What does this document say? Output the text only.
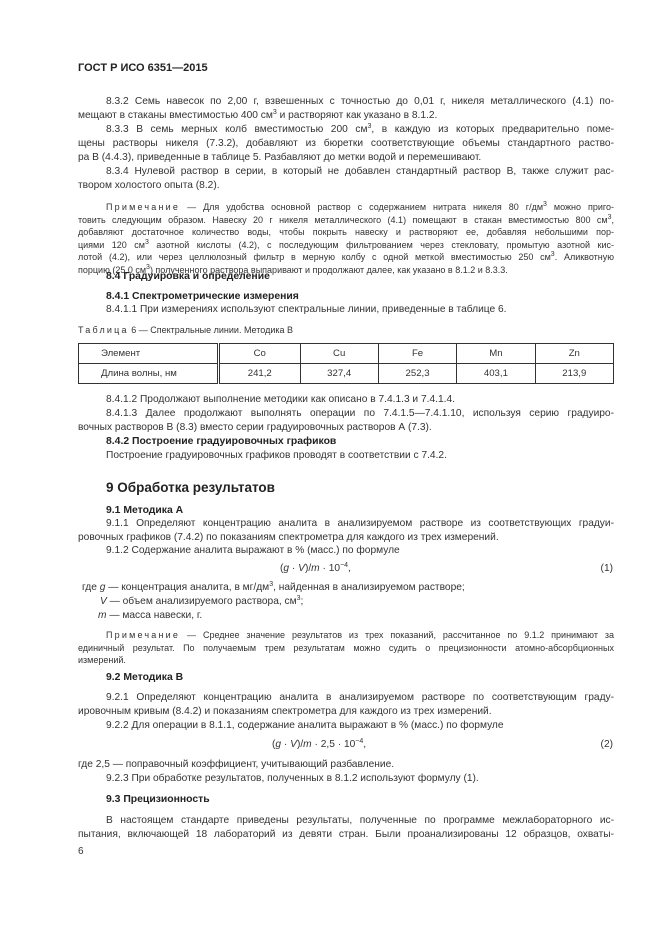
ГОСТ Р ИСО 6351—2015

8.3.2 Семь навесок по 2,00 г, взвешенных с точностью до 0,01 г, никеля металлического (4.1) по-

мещают в стаканы вместимостью 400 $см^3$ и растворяют как указано в 8.1.2.

8.3.3 В семь мерных колб вместимостью 200 $см^3$, в каждую из которых предварительно поме-

щены растворы никеля (7.3.2), добавляют из бюретки соответствующие объемы стандартного раство-

ра В (4.4.3), приведенные в таблице 5. Разбавляют до метки водой и перемешивают.

8.3.4 Нулевой раствор в серии, в который не добавлен стандартный раствор В, также служит рас-

твором холостого опыта (8.2).

Примечание — Для удобства основной раствор с содержанием нитрата никеля 80 $г/дм^3$ можно приго-

товить следующим образом. Навеску 20 г никеля металлического (4.1) помещают в стакан вместимостью 800 $см^3$,

добавляют достаточное количество воды, чтобы покрыть навеску и растворяют ее, добавляя небольшими пор-

циями 120 $см^3$ азотной кислоты (4.2), с последующим фильтрованием через стекловату, промытую азотной кис-

лотой (4.2), или через целлюлозный фильтр в мерную колбу с одной меткой вместимостью 250 $см^3$. Аликвотную

порцию (25,0 $см^3$) полученного раствора выпаривают и продолжают далее, как указано в 8.1.2 и 8.3.3.

8.4 Градуировка и определение
8.4.1 Спектрометрические измерения
8.4.1.1 При измерениях используют спектральные линии, приведенные в таблице 6.
Таблица 6 — Спектральные линии. Методика В
Элемент	Co	Cu	Fe	Mn	Zn
Длина волны, нм	241,2	327,4	252,3	403,1	213,9
8.4.1.2 Продолжают выполнение методики как описано в 7.4.1.3 и 7.4.1.4.

8.4.1.3 Далее продолжают выполнять операции по 7.4.1.5—7.4.1.10, используя серию градуиро-

вочных растворов В (8.3) вместо серии градуировочных растворов А (7.3).

8.4.2 Построение градуировочных графиков
Построение градуировочных графиков проводят в соответствии с 7.4.2.
9 Обработка результатов
9.1 Методика А

9.1.1 Определяют концентрацию аналита в анализируемом растворе из соответствующих градуи-

ровочных графиков (7.4.2) по показаниям спектрометра для каждого из трех измерений.

9.1.2 Содержание аналита выражают в % (масс.) по формуле
$(g \cdot V)/m \cdot 10^{-4}$,	(1)
где g — концентрация аналита, в $мг/дм^3$, найденная в анализируемом растворе;
V — объем анализируемого раствора, $см^3$;
m — масса навески, г.

Примечание — Среднее значение результатов из трех показаний, рассчитанное по 9.1.2 принимают за

единичный результат. По получаемым трем результатам можно судить о прецизионности атомно-абсорбционных

измерений.

9.2 Методика В

9.2.1 Определяют концентрацию аналита в анализируемом растворе по соответствующим граду-

ировочным кривым (8.4.2) и показаниям спектрометра для каждого из трех измерений.

9.2.2 Для операции в 8.1.1, содержание аналита выражают в % (масс.) по формуле
$(g \cdot V)/m \cdot 2,5 \cdot 10^{-4}$,	(2)
где 2,5 — поправочный коэффициент, учитывающий разбавление.
9.2.3 При обработке результатов, полученных в 8.1.2 используют формулу (1).
9.3 Прецизионность

В настоящем стандарте приведены результаты, полученные по программе межлабораторного ис-

пытания, включающей 18 лабораторий из девяти стран. Были проанализированы 12 образцов, охваты-

6
